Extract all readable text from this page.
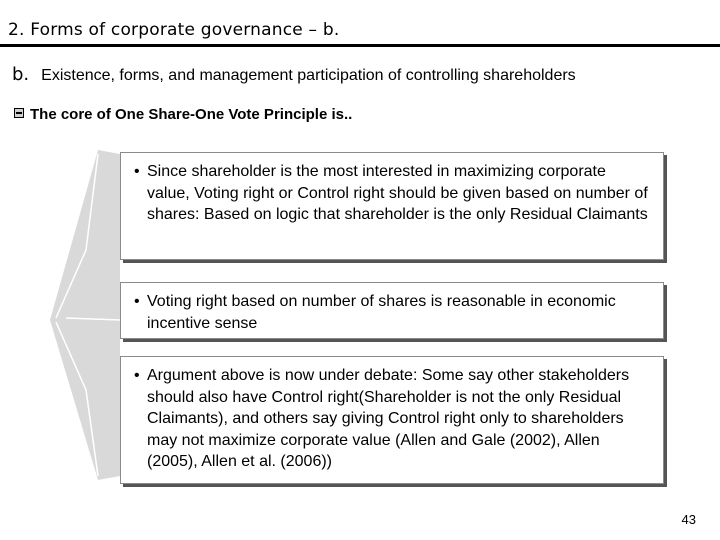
2. Forms of corporate governance – b.
b. Existence, forms, and management participation of controlling shareholders
The core of One Share-One Vote Principle is..
• Since shareholder is the most interested in maximizing corporate value, Voting right or Control right should be given based on number of shares: Based on logic that shareholder is the only Residual Claimants
• Voting right based on number of shares is reasonable in economic incentive sense
• Argument above is now under debate: Some say other stakeholders should also have Control right(Shareholder is not the only Residual Claimants), and others say giving Control right only to shareholders may not maximize corporate value (Allen and Gale (2002), Allen (2005), Allen et al. (2006))
43
